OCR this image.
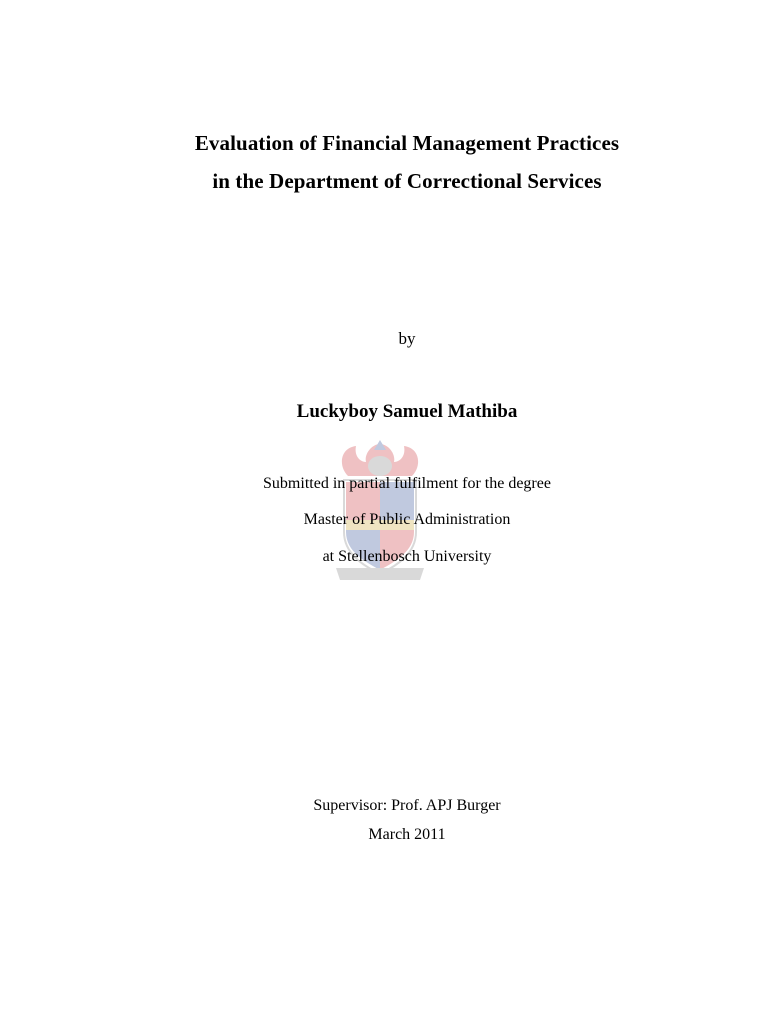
Evaluation of Financial Management Practices
in the Department of Correctional Services
by
Luckyboy Samuel Mathiba
Submitted in partial fulfilment for the degree
Master of Public Administration
at Stellenbosch University
Supervisor: Prof. APJ Burger
March 2011
